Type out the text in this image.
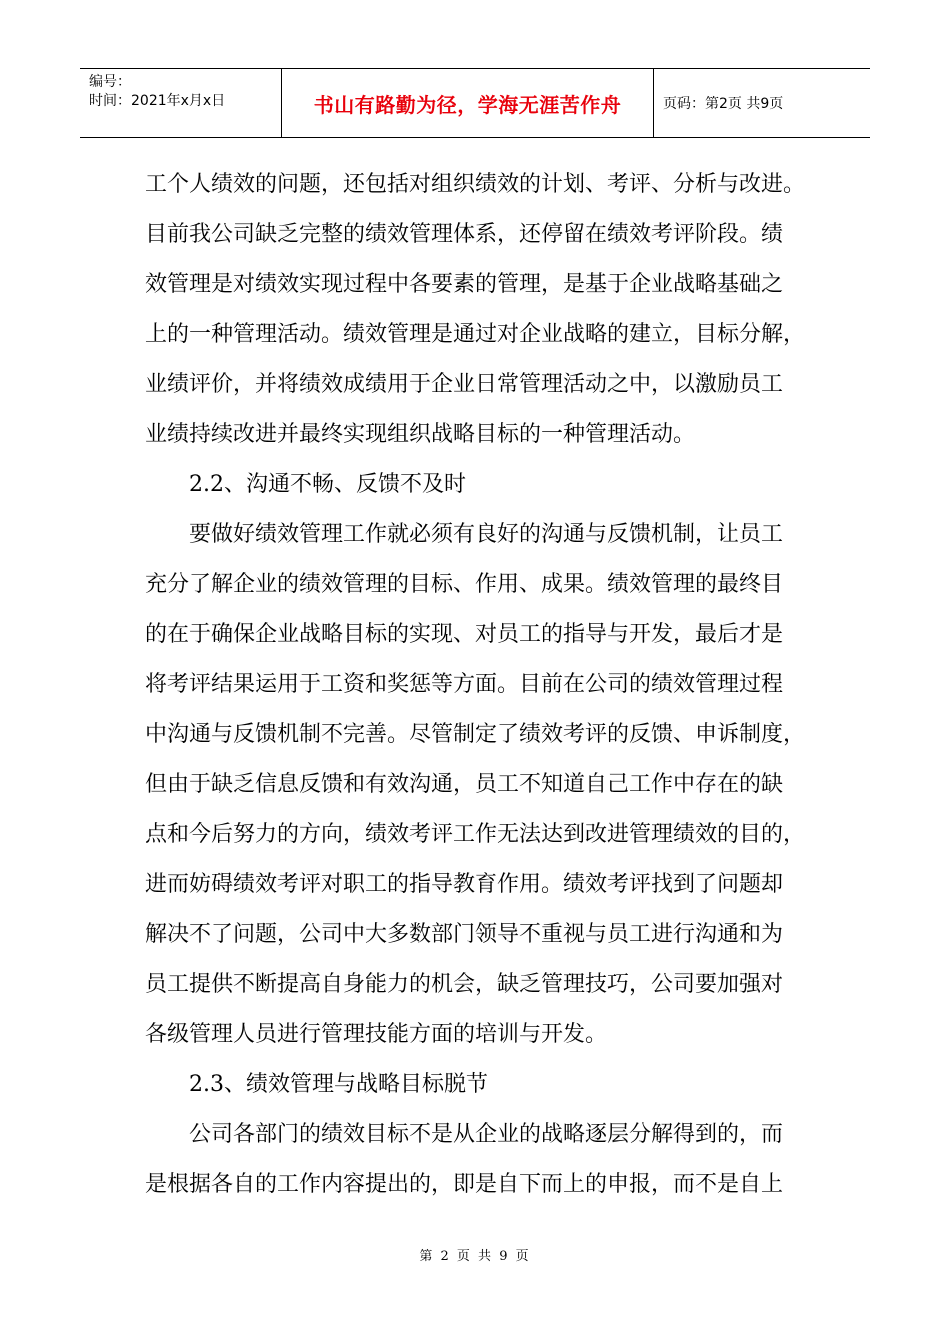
编号：
时间：2021年x月x日	书山有路勤为径，学海无涯苦作舟	页码：第2页 共9页
工个人绩效的问题，还包括对组织绩效的计划、考评、分析与改进。
目前我公司缺乏完整的绩效管理体系，还停留在绩效考评阶段。绩
效管理是对绩效实现过程中各要素的管理，是基于企业战略基础之
上的一种管理活动。绩效管理是通过对企业战略的建立，目标分解，
业绩评价，并将绩效成绩用于企业日常管理活动之中，以激励员工
业绩持续改进并最终实现组织战略目标的一种管理活动。
2.2、沟通不畅、反馈不及时
要做好绩效管理工作就必须有良好的沟通与反馈机制，让员工
充分了解企业的绩效管理的目标、作用、成果。绩效管理的最终目
的在于确保企业战略目标的实现、对员工的指导与开发，最后才是
将考评结果运用于工资和奖惩等方面。目前在公司的绩效管理过程
中沟通与反馈机制不完善。尽管制定了绩效考评的反馈、申诉制度，
但由于缺乏信息反馈和有效沟通，员工不知道自己工作中存在的缺
点和今后努力的方向，绩效考评工作无法达到改进管理绩效的目的，
进而妨碍绩效考评对职工的指导教育作用。绩效考评找到了问题却
解决不了问题，公司中大多数部门领导不重视与员工进行沟通和为
员工提供不断提高自身能力的机会，缺乏管理技巧，公司要加强对
各级管理人员进行管理技能方面的培训与开发。
2.3、绩效管理与战略目标脱节
公司各部门的绩效目标不是从企业的战略逐层分解得到的，而
是根据各自的工作内容提出的，即是自下而上的申报，而不是自上
第 2 页 共 9 页
